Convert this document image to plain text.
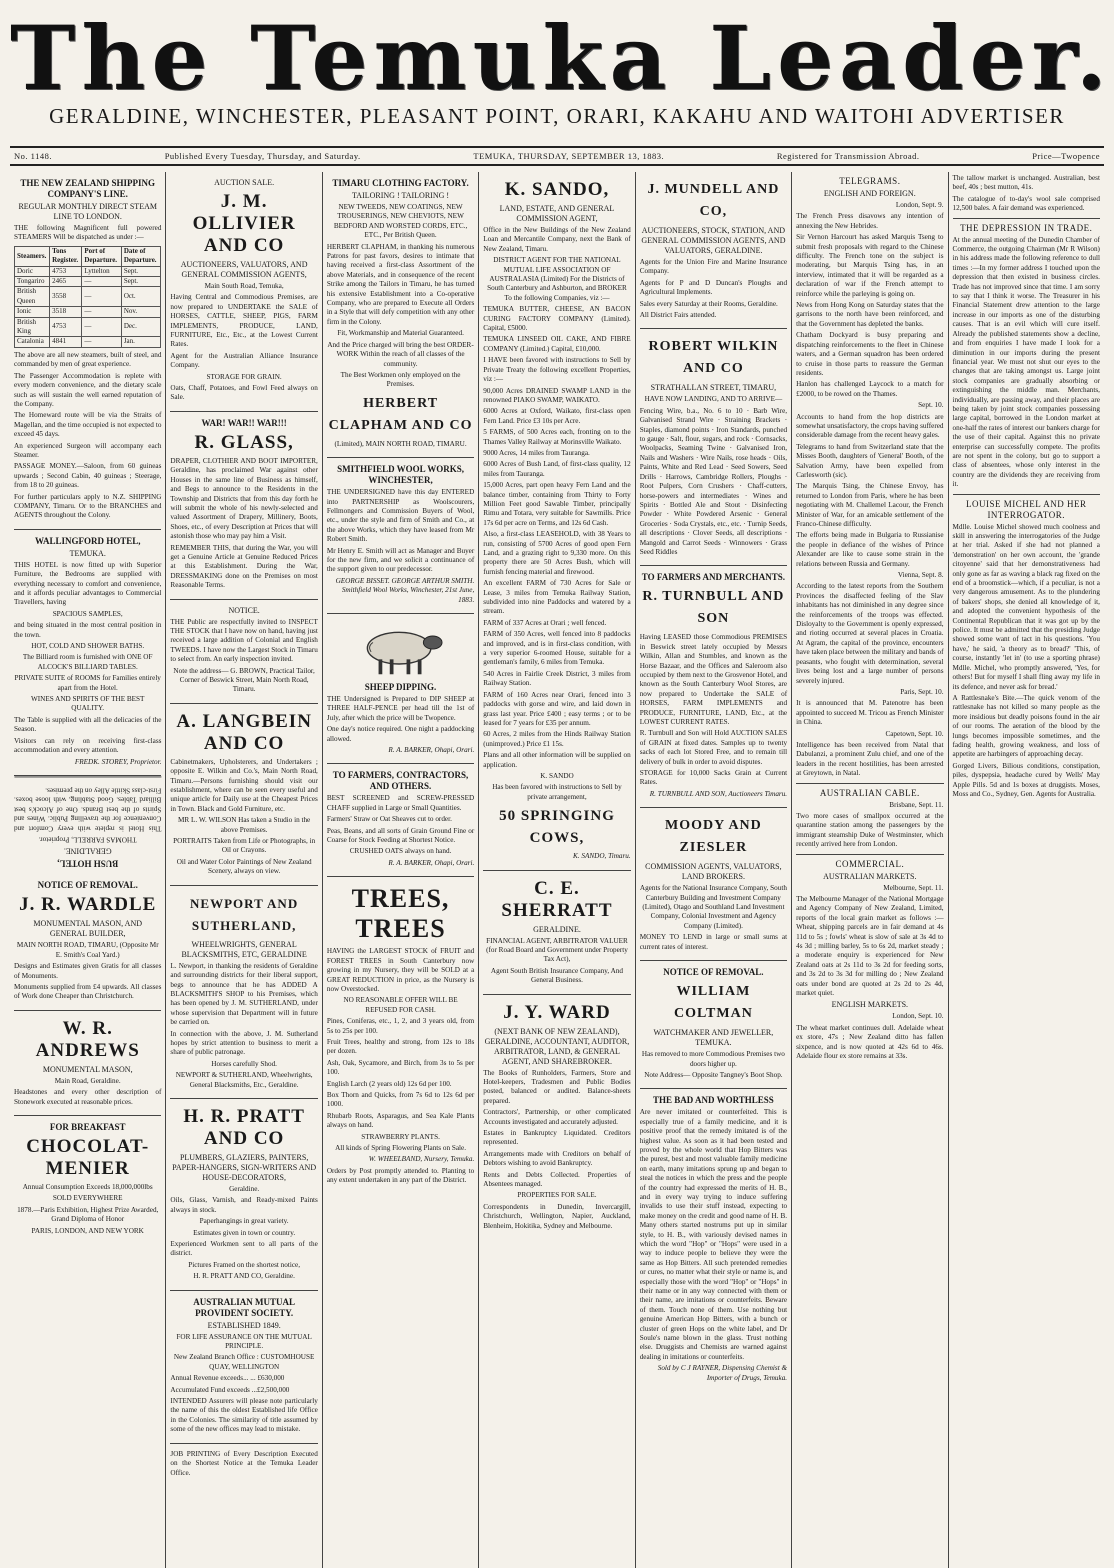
The Temuka Leader.
GERALDINE, WINCHESTER, PLEASANT POINT, ORARI, KAKAHU AND WAITOHI ADVERTISER
No. 1148.	Published Every Tuesday, Thursday, and Saturday.	TEMUKA, THURSDAY, SEPTEMBER 13, 1883.	Registered for Transmission Abroad.	Price—Twopence
THE NEW ZEALAND SHIPPING COMPANY'S LINE.
REGULAR MONTHLY DIRECT STEAM LINE TO LONDON.

THE following Magnificent full powered STEAMERS Will be dispatched as under :—

Steamers.	Tons Register.	Port of Departure.	Date of Departure.
Doric	4753	Lyttelton	Sept.
Tongariro	2465	—	Sept.
British Queen	3558	—	Oct.
Ionic	3518	—	Nov.
British King	4753	—	Dec.
Catalonia	4841	—	Jan.

The above are all new steamers, built of steel, and commanded by men of great experience.

The Passenger Accommodation is replete with every modern convenience, and the dietary scale such as will sustain the well earned reputation of the Company.

The Homeward route will be via the Straits of Magellan, and the time occupied is not expected to exceed 45 days.

An experienced Surgeon will accompany each Steamer.

PASSAGE MONEY.—Saloon, from 60 guineas upwards ; Second Cabin, 40 guineas ; Steerage, from 18 to 20 guineas.

For further particulars apply to N.Z. SHIPPING COMPANY, Timaru. Or to the BRANCHES and AGENTS throughout the Colony.

WALLINGFORD HOTEL,
TEMUKA.

THIS HOTEL is now fitted up with Superior Furniture, the Bedrooms are supplied with everything necessary to comfort and convenience, and it affords peculiar advantages to Commercial Travellers, having

SPACIOUS SAMPLES,

and being situated in the most central position in the town.

HOT, COLD AND SHOWER BATHS.

The Billiard room is furnished with ONE OF ALCOCK'S BILLIARD TABLES.

PRIVATE SUITE of ROOMS for Families entirely apart from the Hotel.

WINES AND SPIRITS OF THE BEST QUALITY.

The Table is supplied with all the delicacies of the Season.

Visitors can rely on receiving first-class accommodation and every attention.

FREDK. STOREY, Proprietor.

BUSH HOTEL,
GERALDINE.

THOMAS FARRELL, Proprietor.

This Hotel is replete with every Comfort and Convenience for the travelling Public. Wines and Spirits of the best Brands. One of Alcock's best Billiard Tables. Good Stabling, with loose boxes. First-class Skittle Alley on the premises.

NOTICE OF REMOVAL.
J. R. WARDLE
MONUMENTAL MASON, AND GENERAL BUILDER,

MAIN NORTH ROAD, TIMARU, (Opposite Mr E. Smith's Coal Yard.)

Designs and Estimates given Gratis for all classes of Monuments.

Monuments supplied from £4 upwards. All classes of Work done Cheaper than Christchurch.

W. R. ANDREWS
MONUMENTAL MASON,

Main Road, Geraldine.

Headstones and every other description of Stonework executed at reasonable prices.

FOR BREAKFAST
CHOCOLAT-MENIER

Annual Consumption Exceeds 18,000,000lbs

SOLD EVERYWHERE

1878.—Paris Exhibition, Highest Prize Awarded, Grand Diploma of Honor

PARIS, LONDON, AND NEW YORK

AUCTION SALE.
J. M. OLLIVIER AND CO
AUCTIONEERS, VALUATORS, AND GENERAL COMMISSION AGENTS,

Main South Road, Temuka,

Having Central and Commodious Premises, are now prepared to UNDERTAKE the SALE of HORSES, CATTLE, SHEEP, PIGS, FARM IMPLEMENTS, PRODUCE, LAND, FURNITURE, Etc., Etc., at the Lowest Current Rates.

Agent for the Australian Alliance Insurance Company.

STORAGE FOR GRAIN.

Oats, Chaff, Potatoes, and Fowl Feed always on Sale.

WAR! WAR!! WAR!!!
R. GLASS,

DRAPER, CLOTHIER AND BOOT IMPORTER, Geraldine, has proclaimed War against other Houses in the same line of Business as himself, and Begs to announce to the Residents in the Township and Districts that from this day forth he will submit the whole of his newly-selected and valued Assortment of Drapery, Millinery, Boots, Shoes, etc., of every Description at Prices that will astonish those who may pay him a Visit.

REMEMBER THIS, that during the War, you will get a Genuine Article at Genuine Reduced Prices at this Establishment. During the War, DRESSMAKING done on the Premises on most Reasonable Terms.

NOTICE.

THE Public are respectfully invited to INSPECT THE STOCK that I have now on hand, having just received a large addition of Colonial and English TWEEDS. I have now the Largest Stock in Timaru to select from. An early inspection invited.

Note the address— G. BROWN, Practical Tailor, Corner of Beswick Street, Main North Road, Timaru.

A. LANGBEIN AND CO

Cabinetmakers, Upholsterers, and Undertakers ; opposite E. Wilkin and Co.'s, Main North Road, Timaru.—Persons furnishing should visit our establishment, where can be seen every useful and unique article for Daily use at the Cheapest Prices in Town. Black and Gold Furniture, etc.

MR L. W. WILSON Has taken a Studio in the above Premises.

PORTRAITS Taken from Life or Photographs, in Oil or Crayons.

Oil and Water Color Paintings of New Zealand Scenery, always on view.

NEWPORT AND SUTHERLAND,
WHEELWRIGHTS, GENERAL BLACKSMITHS, ETC, GERALDINE

L. Newport, in thanking the residents of Geraldine and surrounding districts for their liberal support, begs to announce that he has ADDED A BLACKSMITH'S SHOP to his Premises, which has been opened by J. M. SUTHERLAND, under whose supervision that Department will in future be carried on.

In connection with the above, J. M. Sutherland hopes by strict attention to business to merit a share of public patronage.

Horses carefully Shod.

NEWPORT & SUTHERLAND, Wheelwrights, General Blacksmiths, Etc., Geraldine.

H. R. PRATT AND CO
PLUMBERS, GLAZIERS, PAINTERS, PAPER-HANGERS, SIGN-WRITERS AND HOUSE-DECORATORS,

Geraldine.

Oils, Glass, Varnish, and Ready-mixed Paints always in stock.

Paperhangings in great variety.

Estimates given in town or country.

Experienced Workmen sent to all parts of the district.

Pictures Framed on the shortest notice,

H. R. PRATT AND CO, Geraldine.

AUSTRALIAN MUTUAL PROVIDENT SOCIETY.
ESTABLISHED 1849.

FOR LIFE ASSURANCE ON THE MUTUAL PRINCIPLE.

New Zealand Branch Office : CUSTOMHOUSE QUAY, WELLINGTON

Annual Revenue exceeds... ... £630,000

Accumulated Fund exceeds ...£2,500,000

INTENDED Assurers will please note particularly the name of this the oldest Established life Office in the Colonies. The similarity of title assumed by some of the new offices may lead to mistake.

JOB PRINTING of Every Description Executed on the Shortest Notice at the Temuka Leader Office.

TIMARU CLOTHING FACTORY.
TAILORING ! TAILORING !

NEW TWEEDS, NEW COATINGS, NEW TROUSERINGS, NEW CHEVIOTS, NEW BEDFORD AND WORSTED CORDS, ETC., ETC., Per British Queen.

HERBERT CLAPHAM, in thanking his numerous Patrons for past favors, desires to intimate that having received a first-class Assortment of the above Materials, and in consequence of the recent Strike among the Tailors in Timaru, he has turned his extensive Establishment into a Co-operative Company, who are prepared to Execute all Orders in a Style that will defy competition with any other firm in the Colony.

Fit, Workmanship and Material Guaranteed.

And the Price charged will bring the best ORDER-WORK Within the reach of all classes of the community.

The Best Workmen only employed on the Premises.

HERBERT CLAPHAM AND CO

(Limited), MAIN NORTH ROAD, TIMARU.

SMITHFIELD WOOL WORKS, WINCHESTER,

THE UNDERSIGNED have this day ENTERED into PARTNERSHIP as Woolscourers, Fellmongers and Commission Buyers of Wool, etc., under the style and firm of Smith and Co., at the above Works, which they have leased from Mr Robert Smith.

Mr Henry E. Smith will act as Manager and Buyer for the new firm, and we solicit a continuance of the support given to our predecessor.

GEORGE BISSET. GEORGE ARTHUR SMITH. Smithfield Wool Works, Winchester, 21st June, 1883.

SHEEP DIPPING.

THE Undersigned is Prepared to DIP SHEEP at THREE HALF-PENCE per head till the 1st of July, after which the price will be Twopence.

One day's notice required. One night a paddocking allowed.

R. A. BARKER, Ohapi, Orari.

TO FARMERS, CONTRACTORS, AND OTHERS.

BEST SCREENED and SCREW-PRESSED CHAFF supplied in Large or Small Quantities.

Farmers' Straw or Oat Sheaves cut to order.

Peas, Beans, and all sorts of Grain Ground Fine or Coarse for Stock Feeding at Shortest Notice.

CRUSHED OATS always on hand.

R. A. BARKER, Ohapi, Orari.

TREES, TREES

HAVING the LARGEST STOCK of FRUIT and FOREST TREES in South Canterbury now growing in my Nursery, they will be SOLD at a GREAT REDUCTION in price, as the Nursery is now Overstocked.

NO REASONABLE OFFER WILL BE REFUSED FOR CASH.

Pines, Coniferas, etc., 1, 2, and 3 years old, from 5s to 25s per 100.

Fruit Trees, healthy and strong, from 12s to 18s per dozen.

Ash, Oak, Sycamore, and Birch, from 3s to 5s per 100.

English Larch (2 years old) 12s 6d per 100.

Box Thorn and Quicks, from 7s 6d to 12s 6d per 1000.

Rhubarb Roots, Asparagus, and Sea Kale Plants always on hand.

STRAWBERRY PLANTS.

All kinds of Spring Flowering Plants on Sale.

W. WHEELBAND, Nursery, Temuka.

Orders by Post promptly attended to. Planting to any extent undertaken in any part of the District.

K. SANDO,
LAND, ESTATE, AND GENERAL COMMISSION AGENT,

Office in the New Buildings of the New Zealand Loan and Mercantile Company, next the Bank of New Zealand, Timaru.

DISTRICT AGENT FOR THE NATIONAL MUTUAL LIFE ASSOCIATION OF AUSTRALASIA (Limited) For the Districts of South Canterbury and Ashburton, and BROKER To the following Companies, viz :—

TEMUKA BUTTER, CHEESE, AN BACON CURING FACTORY COMPANY (Limited). Capital, £5000.

TEMUKA LINSEED OIL CAKE, AND FIBRE COMPANY (Limited.) Capital, £10,000.

I HAVE been favored with instructions to Sell by Private Treaty the following excellent Properties, viz :—

90,000 Acres DRAINED SWAMP LAND in the renowned PIAKO SWAMP, WAIKATO.

6000 Acres at Oxford, Waikato, first-class open Fern Land. Price £3 10s per Acre.

5 FARMS, of 500 Acres each, fronting on to the Thames Valley Railway at Morinsville Waikato.

9000 Acres, 14 miles from Tauranga.

6000 Acres of Bush Land, of first-class quality, 12 miles from Tauranga.

15,000 Acres, part open heavy Fern Land and the balance timber, containing from Thirty to Forty Million Feet good Sawable Timber, principally Rimu and Totara, very suitable for Sawmills. Price 17s 6d per acre on Terms, and 12s 6d Cash.

Also, a first-class LEASEHOLD, with 38 Years to run, consisting of 5700 Acres of good open Fern Land, and a grazing right to 9,330 more. On this property there are 50 Acres Bush, which will furnish fencing material and firewood.

An excellent FARM of 730 Acres for Sale or Lease, 3 miles from Temuka Railway Station, subdivided into nine Paddocks and watered by a stream.

FARM of 337 Acres at Orari ; well fenced.

FARM of 350 Acres, well fenced into 8 paddocks and improved, and is in first-class condition, with a very superior 6-roomed House, suitable for a gentleman's family, 6 miles from Temuka.

540 Acres in Fairlie Creek District, 3 miles from Railway Station.

FARM of 160 Acres near Orari, fenced into 3 paddocks with gorse and wire, and laid down in grass last year. Price £400 ; easy terms ; or to be leased for 7 years for £35 per annum.

60 Acres, 2 miles from the Hinds Railway Station (unimproved.) Price £1 15s.

Plans and all other information will be supplied on application.

K. SANDO

Has been favored with instructions to Sell by private arrangement,

50 SPRINGING COWS,

K. SANDO, Timaru.

C. E. SHERRATT
GERALDINE.

FINANCIAL AGENT, ARBITRATOR VALUER (for Road Board and Government under Property Tax Act),

Agent South British Insurance Company, And General Business.

J. Y. WARD
(NEXT BANK OF NEW ZEALAND), GERALDINE, ACCOUNTANT, AUDITOR, ARBITRATOR, LAND, & GENERAL AGENT, AND SHAREBROKER.

The Books of Runholders, Farmers, Store and Hotel-keepers, Tradesmen and Public Bodies posted, balanced or audited. Balance-sheets prepared.

Contractors', Partnership, or other complicated Accounts investigated and accurately adjusted.

Estates in Bankruptcy Liquidated. Creditors represented.

Arrangements made with Creditors on behalf of Debtors wishing to avoid Bankruptcy.

Rents and Debts Collected. Properties of Absentees managed.

PROPERTIES FOR SALE.

Correspondents in Dunedin, Invercargill, Christchurch, Wellington, Napier, Auckland, Blenheim, Hokitika, Sydney and Melbourne.

J. MUNDELL AND CO,
AUCTIONEERS, STOCK, STATION, AND GENERAL COMMISSION AGENTS, AND VALUATORS, GERALDINE.

Agents for the Union Fire and Marine Insurance Company.

Agents for P and D Duncan's Ploughs and Agricultural Implements.

Sales every Saturday at their Rooms, Geraldine.

All District Fairs attended.

ROBERT WILKIN AND CO
STRATHALLAN STREET, TIMARU,

HAVE NOW LANDING, AND TO ARRIVE—

Fencing Wire, b.a., No. 6 to 10 · Barb Wire, Galvanised Strand Wire · Straining Brackets · Staples, diamond points · Iron Standards, punched to gauge · Salt, flour, sugars, and rock · Cornsacks, Woolpacks, Seaming Twine · Galvanised Iron, Nails and Washers · Wire Nails, rose heads · Oils, Paints, White and Red Lead · Seed Sowers, Seed Drills · Harrows, Cambridge Rollers, Ploughs · Root Pulpers, Corn Crushers · Chaff-cutters, horse-powers and intermediates · Wines and Spirits · Bottled Ale and Stout · Disinfecting Powder · White Powdered Arsenic · General Groceries · Soda Crystals, etc., etc. · Turnip Seeds, all descriptions · Clover Seeds, all descriptions · Mangold and Carrot Seeds · Winnowers · Grass Seed Riddles

TO FARMERS AND MERCHANTS.
R. TURNBULL AND SON

Having LEASED those Commodious PREMISES in Beswick street lately occupied by Messrs Wilkin, Allan and Stumbles, and known as the Horse Bazaar, and the Offices and Saleroom also occupied by them next to the Grosvenor Hotel, and known as the South Canterbury Wool Stores, are now prepared to Undertake the SALE of HORSES, FARM IMPLEMENTS and PRODUCE, FURNITURE, LAND, Etc., at the LOWEST CURRENT RATES.

R. Turnbull and Son will Hold AUCTION SALES of GRAIN at fixed dates. Samples up to twenty sacks of each lot Stored Free, and to remain till delivery of bulk in order to avoid disputes.

STORAGE for 10,000 Sacks Grain at Current Rates.

R. TURNBULL AND SON, Auctioneers Timaru.

MOODY AND ZIESLER
COMMISSION AGENTS, VALUATORS, LAND BROKERS.

Agents for the National Insurance Company, South Canterbury Building and Investment Company (Limited), Otago and Southland Land Investment Company, Colonial Investment and Agency Company (Limited).

MONEY TO LEND in large or small sums at current rates of interest.

NOTICE OF REMOVAL.
WILLIAM COLTMAN
WATCHMAKER AND JEWELLER, TEMUKA.

Has removed to more Commodious Premises two doors higher up.

Note Address— Opposite Tangney's Boot Shop.

THE BAD AND WORTHLESS

Are never imitated or counterfeited. This is especially true of a family medicine, and it is positive proof that the remedy imitated is of the highest value. As soon as it had been tested and proved by the whole world that Hop Bitters was the purest, best and most valuable family medicine on earth, many imitations sprung up and began to steal the notices in which the press and the people of the country had expressed the merits of H. B., and in every way trying to induce suffering invalids to use their stuff instead, expecting to make money on the credit and good name of H. B. Many others started nostrums put up in similar style, to H. B., with variously devised names in which the word "Hop" or "Hops" were used in a way to induce people to believe they were the same as Hop Bitters. All such pretended remedies or cures, no matter what their style or name is, and especially those with the word "Hop" or "Hops" in their name or in any way connected with them or their name, are imitations or counterfeits. Beware of them. Touch none of them. Use nothing but genuine American Hop Bitters, with a bunch or cluster of green Hops on the white label, and Dr Soule's name blown in the glass. Trust nothing else. Druggists and Chemists are warned against dealing in imitations or counterfeits.

Sold by C J RAYNER, Dispensing Chemist & Importer of Drugs, Temuka.

TELEGRAMS.
ENGLISH AND FOREIGN.

London, Sept. 9.

The French Press disavows any intention of annexing the New Hebrides.

Sir Vernon Harcourt has asked Marquis Tseng to submit fresh proposals with regard to the Chinese difficulty. The French tone on the subject is moderating, but Marquis Tsing has, in an interview, intimated that it will be regarded as a declaration of war if the French attempt to reinforce while the parleying is going on.

News from Hong Kong on Saturday states that the garrisons to the north have been reinforced, and that the Government has depleted the banks.

Chatham Dockyard is busy preparing and dispatching reinforcements to the fleet in Chinese waters, and a German squadron has been ordered to cruise in those parts to reassure the German residents.

Hanlon has challenged Laycock to a match for £2000, to be rowed on the Thames.

Sept. 10.

Accounts to hand from the hop districts are somewhat unsatisfactory, the crops having suffered considerable damage from the recent heavy gales.

Telegrams to hand from Switzerland state that the Misses Booth, daughters of 'General' Booth, of the Salvation Army, have been expelled from Carlesworth (sic).

The Marquis Tsing, the Chinese Envoy, has returned to London from Paris, where he has been negotiating with M. Challemel Lacour, the French Minister of War, for an amicable settlement of the Franco-Chinese difficulty.

The efforts being made in Bulgaria to Russianise the people in defiance of the wishes of Prince Alexander are like to cause some strain in the relations between Russia and Germany.

Vienna, Sept. 8.

According to the latest reports from the Southern Provinces the disaffected feeling of the Slav inhabitants has not diminished in any degree since the reinforcements of the troops was effected. Disloyalty to the Government is openly expressed, and rioting occurred at several places in Croatia. At Agram, the capital of the province, encounters have taken place between the military and bands of peasants, who fought with determination, several lives being lost and a large number of persons severely injured.

Paris, Sept. 10.

It is announced that M. Patenotre has been appointed to succeed M. Tricou as French Minister in China.

Capetown, Sept. 10.

Intelligence has been received from Natal that Dabulanzi, a prominent Zulu chief, and one of the leaders in the recent hostilities, has been arrested at Greytown, in Natal.

AUSTRALIAN CABLE.

Brisbane, Sept. 11.

Two more cases of smallpox occurred at the quarantine station among the passengers by the immigrant steamship Duke of Westminster, which recently arrived here from London.

COMMERCIAL.
AUSTRALIAN MARKETS.

Melbourne, Sept. 11.

The Melbourne Manager of the National Mortgage and Agency Company of New Zealand, Limited, reports of the local grain market as follows :— Wheat, shipping parcels are in fair demand at 4s 11d to 5s ; fowls' wheat is slow of sale at 3s 4d to 4s 3d ; milling barley, 5s to 6s 2d, market steady ; a moderate enquiry is experienced for New Zealand oats at 2s 11d to 3s 2d for feeding sorts, and 3s 2d to 3s 3d for milling do ; New Zealand oats under bond are quoted at 2s 2d to 2s 4d, market quiet.

ENGLISH MARKETS.

London, Sept. 10.

The wheat market continues dull. Adelaide wheat ex store, 47s ; New Zealand ditto has fallen sixpence, and is now quoted at 42s 6d to 46s. Adelaide flour ex store remains at 33s.

The tallow market is unchanged. Australian, best beef, 40s ; best mutton, 41s.

The catalogue of to-day's wool sale comprised 12,500 bales. A fair demand was experienced.

THE DEPRESSION IN TRADE.

At the annual meeting of the Dunedin Chamber of Commerce, the outgoing Chairman (Mr R Wilson) in his address made the following reference to dull times :—In my former address I touched upon the depression that then existed in business circles. Trade has not improved since that time. I am sorry to say that I think it worse. The Treasurer in his Financial Statement drew attention to the large increase in our imports as one of the disturbing causes. That is an evil which will cure itself. Already the published statements show a decline, and from enquiries I have made I look for a diminution in our imports during the present financial year. We must not shut our eyes to the changes that are taking amongst us. Large joint stock companies are gradually absorbing or extinguishing the middle man. Merchants, individually, are passing away, and their places are being taken by joint stock companies possessing large capital, borrowed in the London market at one-half the rates of interest our bankers charge for the use of their capital. Against this no private enterprise can successfully compete. The profits are not spent in the colony, but go to support a class of absentees, whose only interest in the country are the dividends they are receiving from it.

LOUISE MICHEL AND HER INTERROGATOR.

Mdlle. Louise Michel showed much coolness and skill in answering the interrogatories of the Judge at her trial. Asked if she had not planned a 'demonstration' on her own account, the 'grande citoyenne' said that her demonstrativeness had only gone as far as waving a black rag fixed on the end of a broomstick—which, if a peculiar, is not a very dangerous amusement. As to the plundering of bakers' shops, she denied all knowledge of it, and adopted the convenient hypothesis of the Continental Republican that it was got up by the police. It must be admitted that the presiding Judge showed some want of tact in his questions. 'You have,' he said, 'a theory as to bread?' 'This, of course, instantly 'let in' (to use a sporting phrase) Mdlle. Michel, who promptly answered, 'Yes, for others! But for myself I shall fling away my life in its defence, and never ask for bread.'

A Rattlesnake's Bite.—The quick venom of the rattlesnake has not killed so many people as the more insidious but deadly poisons found in the air of our rooms. The aeration of the blood by the lungs becomes impossible sometimes, and the fading health, growing weakness, and loss of appetite are harbingers of approaching decay.

Gorged Livers, Bilious conditions, constipation, piles, dyspepsia, headache cured by Wells' May Apple Pills. 5d and 1s boxes at druggists. Moses, Moss and Co., Sydney, Gen. Agents for Australia.
